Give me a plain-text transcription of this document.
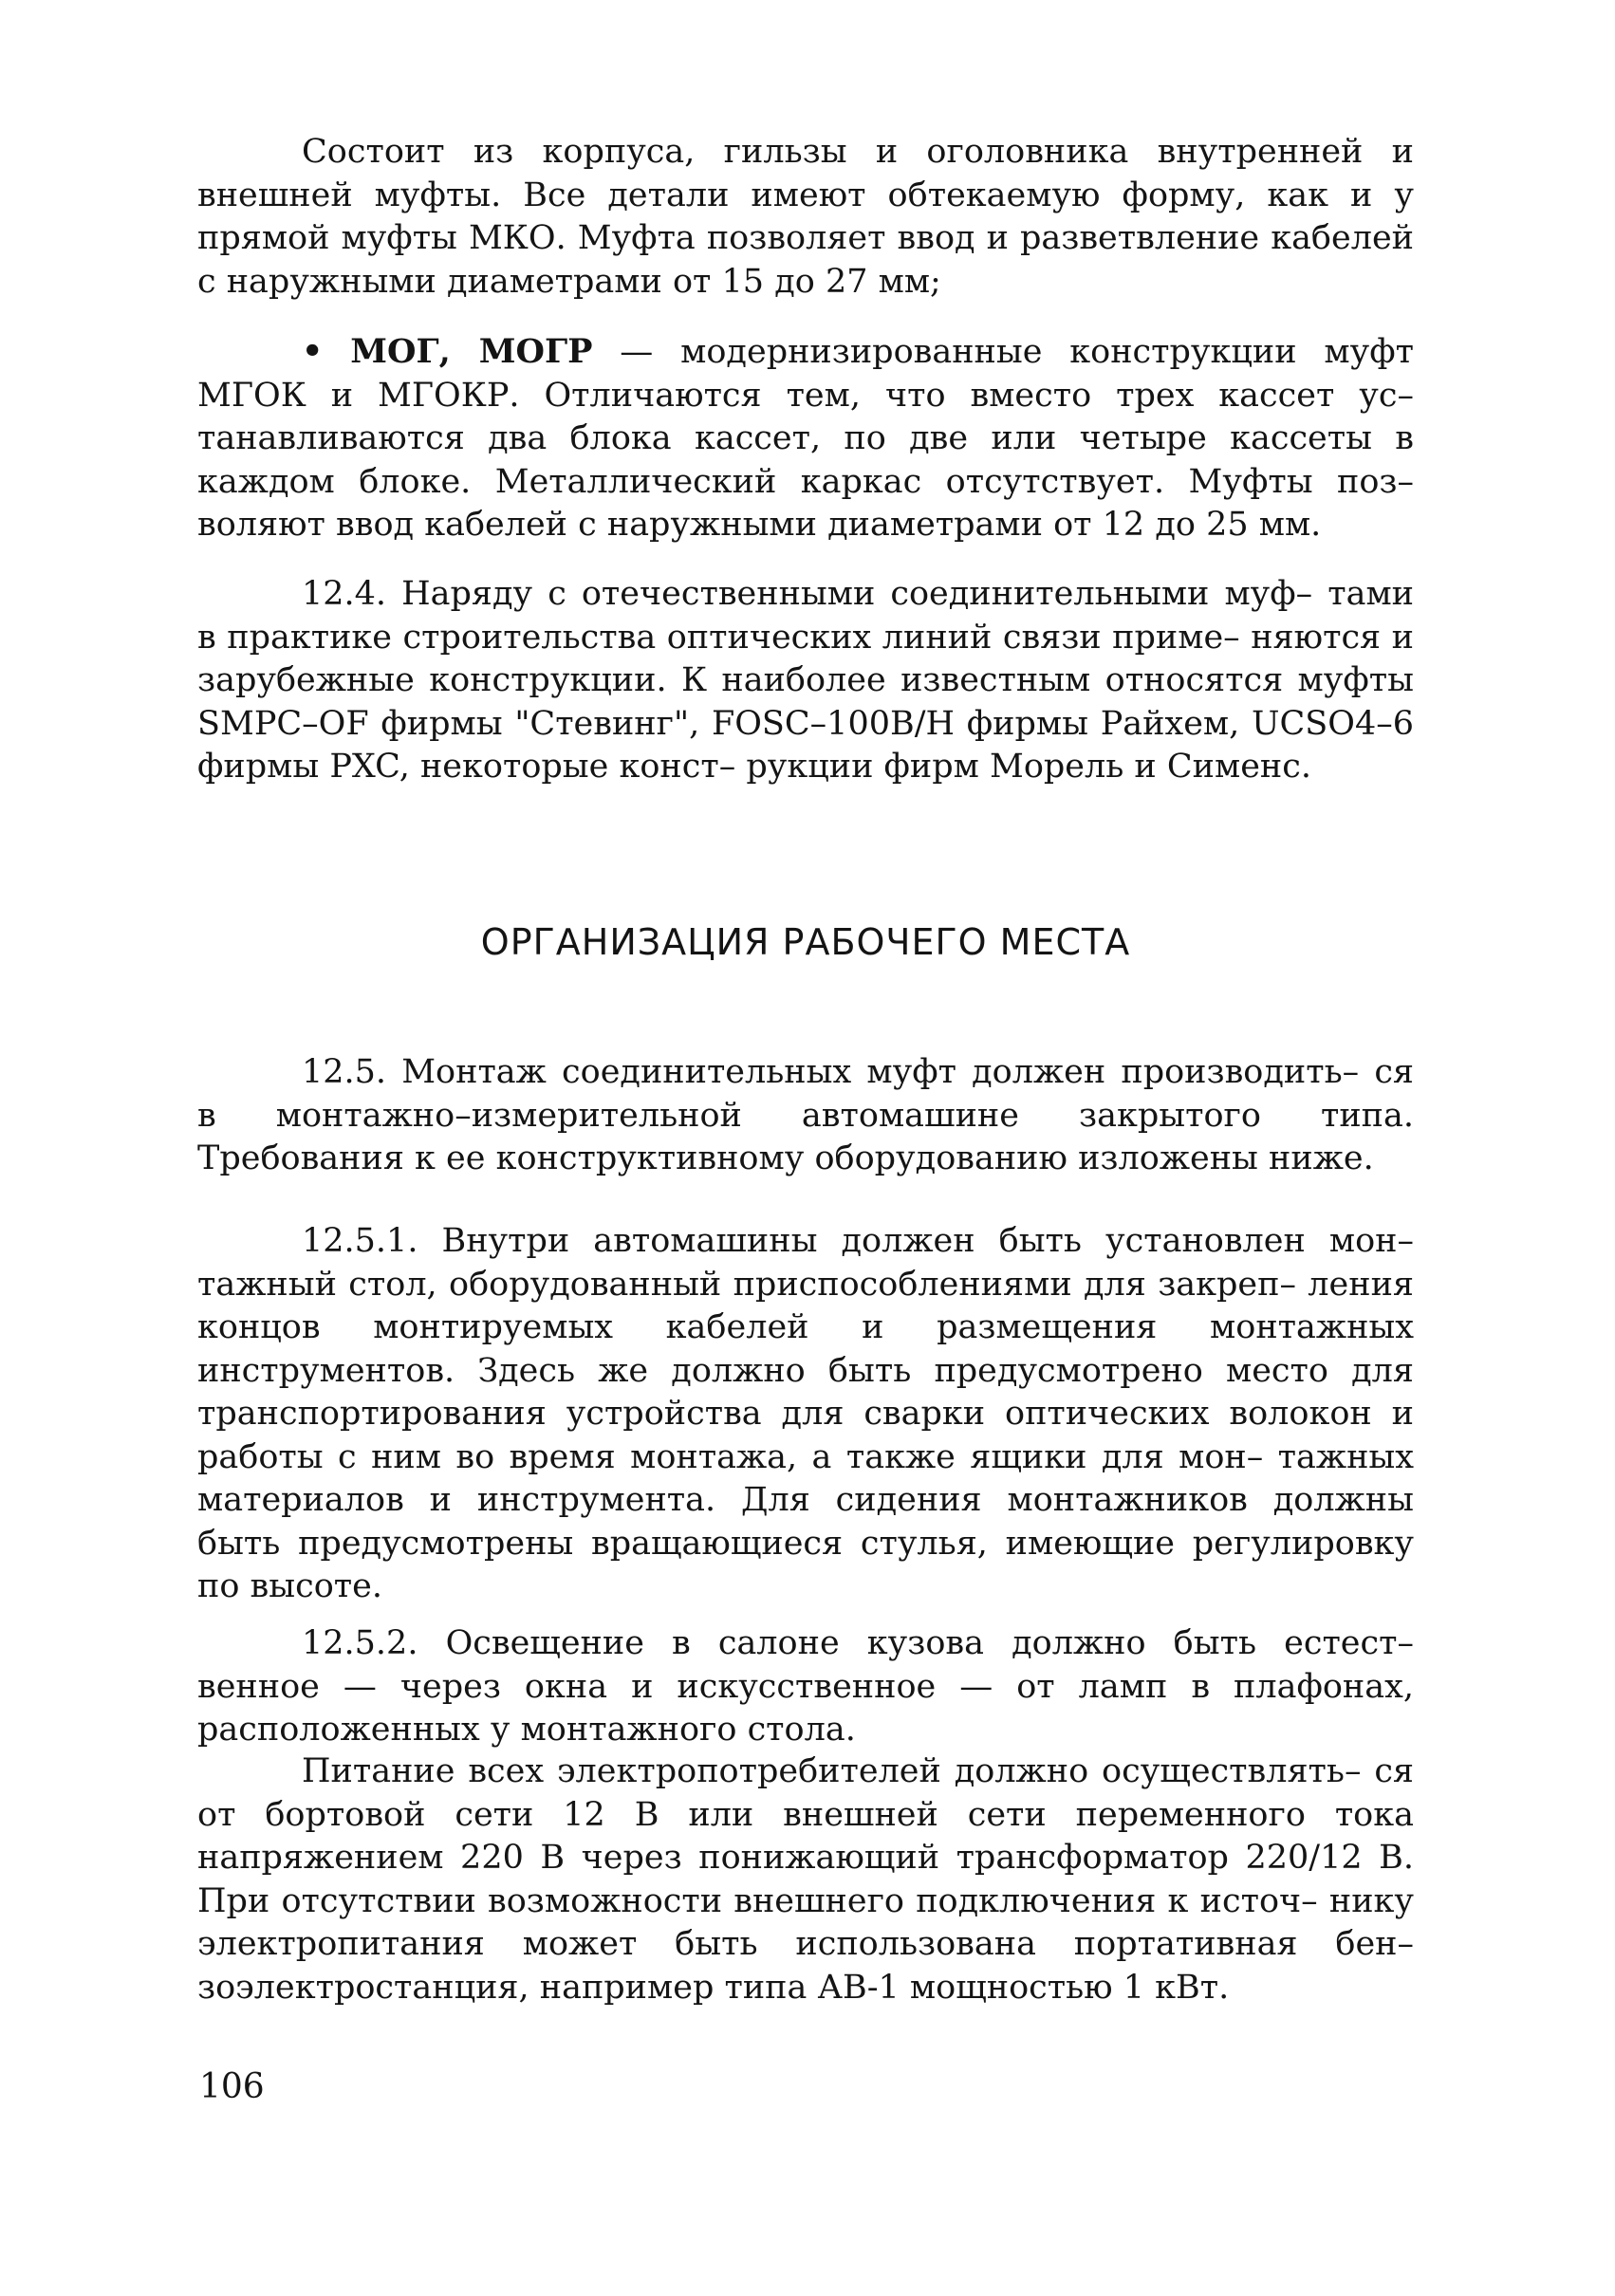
Состоит из корпуса, гильзы и оголовника внутренней и внешней муфты. Все детали имеют обтекаемую форму, как и у прямой муфты МКО. Муфта позволяет ввод и разветвление кабелей с наружными диаметрами от 15 до 27 мм;

• МОГ, МОГР — модернизированные конструкции муфт МГОК и МГОКР. Отличаются тем, что вместо трех кассет ус– танавливаются два блока кассет, по две или четыре кассеты в каждом блоке. Металлический каркас отсутствует. Муфты поз– воляют ввод кабелей с наружными диаметрами от 12 до 25 мм.

12.4. Наряду с отечественными соединительными муф– тами в практике строительства оптических линий связи приме– няются и зарубежные конструкции. К наиболее известным относятся муфты SMPC–OF фирмы "Стевинг", FOSC–100B/H фирмы Райхем, UCSO4–6 фирмы PXC, некоторые конст– рукции фирм Морель и Сименс.

ОРГАНИЗАЦИЯ РАБОЧЕГО МЕСТА

12.5. Монтаж соединительных муфт должен производить– ся в монтажно–измерительной автомашине закрытого типа. Требования к ее конструктивному оборудованию изложены ниже.

12.5.1. Внутри автомашины должен быть установлен мон– тажный стол, оборудованный приспособлениями для закреп– ления концов монтируемых кабелей и размещения монтажных инструментов. Здесь же должно быть предусмотрено место для транспортирования устройства для сварки оптических волокон и работы с ним во время монтажа, а также ящики для мон– тажных материалов и инструмента. Для сидения монтажников должны быть предусмотрены вращающиеся стулья, имеющие регулировку по высоте.

12.5.2. Освещение в салоне кузова должно быть естест– венное — через окна и искусственное — от ламп в плафонах, расположенных у монтажного стола.

Питание всех электропотребителей должно осуществлять– ся от бортовой сети 12 В или внешней сети переменного тока напряжением 220 В через понижающий трансформатор 220/12 В. При отсутствии возможности внешнего подключения к источ– нику электропитания может быть использована портативная бен– зоэлектростанция, например типа АВ-1 мощностью 1 кВт.

106
